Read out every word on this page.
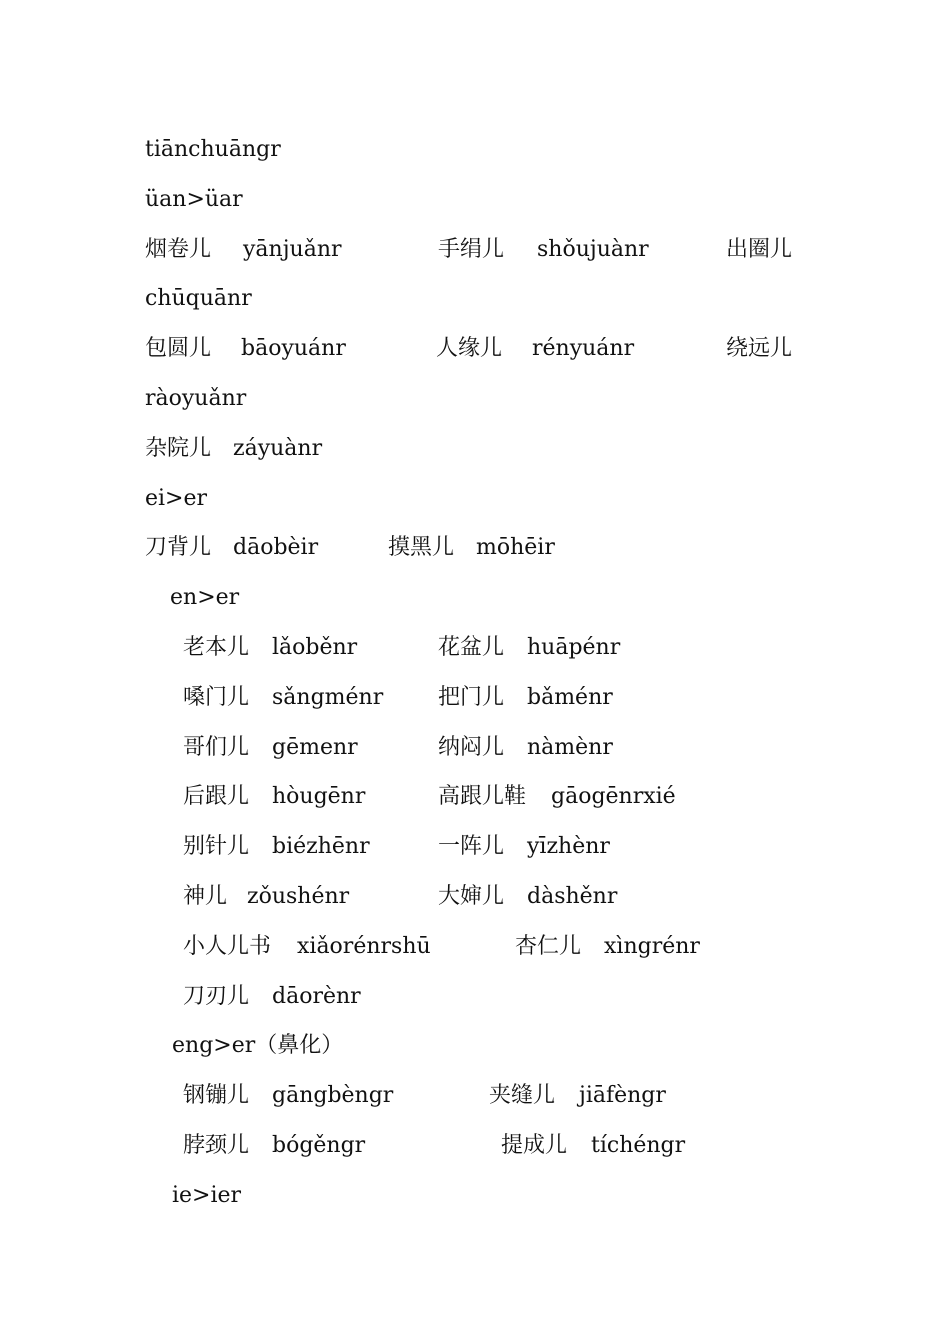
tiānchuāngr
üan>üar
烟卷儿 yānjuǎnr	手绢儿 shǒujuànr	出圈儿
chūquānr
包圆儿 bāoyuánr	人缘儿 rényuánr	绕远儿
ràoyuǎnr
杂院儿 záyuànr
ei>er
刀背儿 dāobèir	摸黑儿 mōhēir
en>er
老本儿 lǎoběnr	花盆儿 huāpénr
嗓门儿 sǎngménr 把门儿 bǎménr
哥们儿 gēmenr	纳闷儿 nàmènr
后跟儿 hòugēnr	高跟儿鞋 gāogēnrxié
别针儿 biézhēnr	一阵儿 yīzhènr
神儿 zǒushénr	大婶儿 dàshěnr
小人儿书 xiǎorénrshū	杏仁儿 xìngrénr
刀刃儿 dāorènr
eng>er（鼻化）
钢镚儿 gāngbèngr	夹缝儿 jiāfèngr
脖颈儿 bógěngr	提成儿 tíchéngr
ie>ier
